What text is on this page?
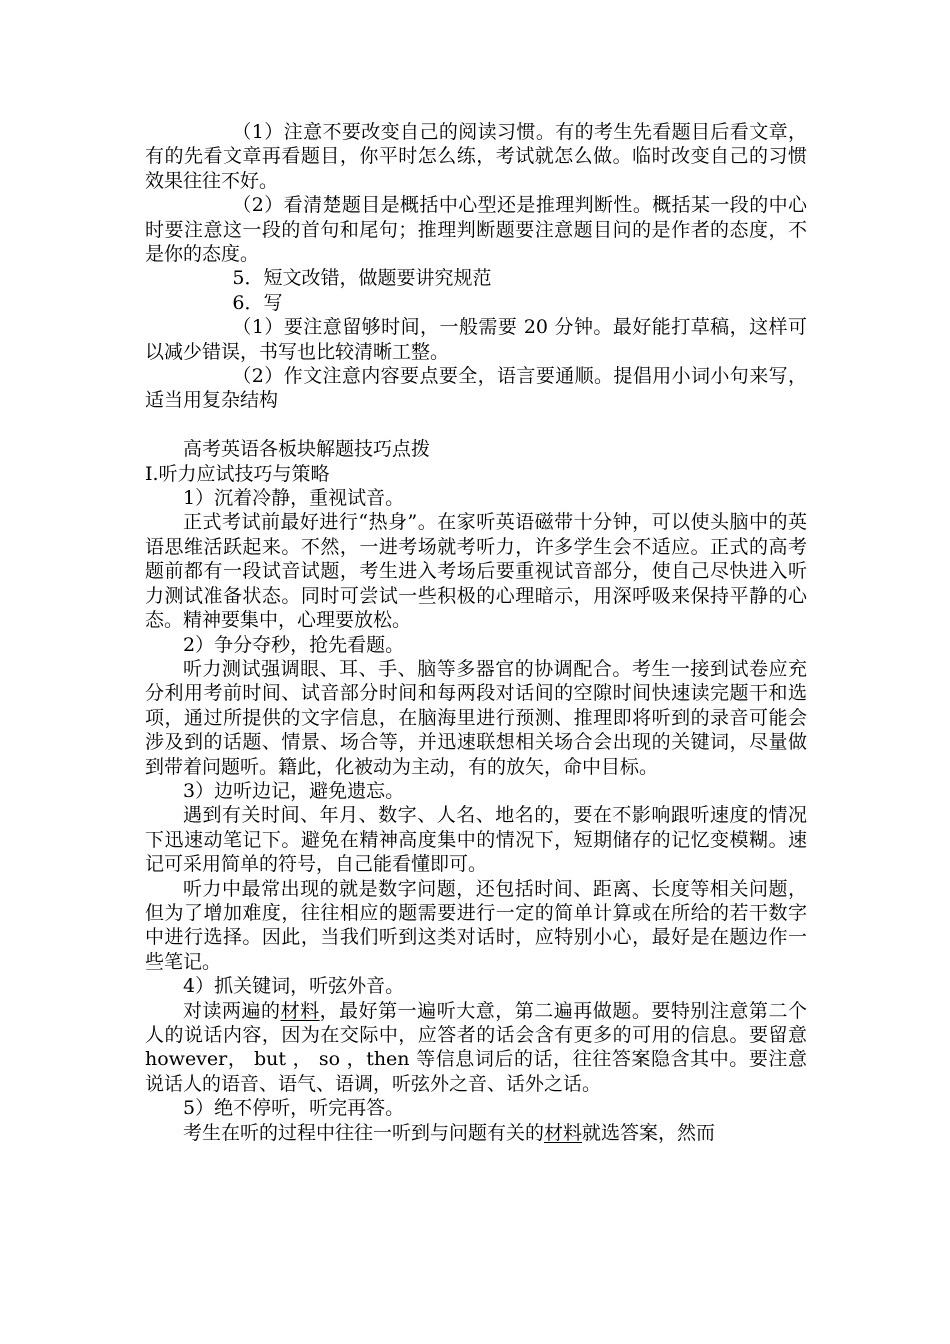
（1）注意不要改变自己的阅读习惯。有的考生先看题目后看文章，有的先看文章再看题目，你平时怎么练，考试就怎么做。临时改变自己的习惯效果往往不好。

（2）看清楚题目是概括中心型还是推理判断性。概括某一段的中心时要注意这一段的首句和尾句；推理判断题要注意题目问的是作者的态度，不是你的态度。

5．短文改错，做题要讲究规范

6．写

（1）要注意留够时间，一般需要 20 分钟。最好能打草稿，这样可以减少错误，书写也比较清晰工整。

（2）作文注意内容要点要全，语言要通顺。提倡用小词小句来写，适当用复杂结构

高考英语各板块解题技巧点拨

I.听力应试技巧与策略

1）沉着冷静，重视试音。

正式考试前最好进行“热身”。在家听英语磁带十分钟，可以使头脑中的英语思维活跃起来。不然，一进考场就考听力，许多学生会不适应。正式的高考题前都有一段试音试题，考生进入考场后要重视试音部分，使自己尽快进入听力测试准备状态。同时可尝试一些积极的心理暗示，用深呼吸来保持平静的心态。精神要集中，心理要放松。

2）争分夺秒，抢先看题。

听力测试强调眼、耳、手、脑等多器官的协调配合。考生一接到试卷应充分利用考前时间、试音部分时间和每两段对话间的空隙时间快速读完题干和选项，通过所提供的文字信息，在脑海里进行预测、推理即将听到的录音可能会涉及到的话题、情景、场合等，并迅速联想相关场合会出现的关键词，尽量做到带着问题听。籍此，化被动为主动，有的放矢，命中目标。

3）边听边记，避免遗忘。

遇到有关时间、年月、数字、人名、地名的，要在不影响跟听速度的情况下迅速动笔记下。避免在精神高度集中的情况下，短期储存的记忆变模糊。速记可采用简单的符号，自己能看懂即可。

听力中最常出现的就是数字问题，还包括时间、距离、长度等相关问题，但为了增加难度，往往相应的题需要进行一定的简单计算或在所给的若干数字中进行选择。因此，当我们听到这类对话时，应特别小心，最好是在题边作一些笔记。

4）抓关键词，听弦外音。

对读两遍的材料，最好第一遍听大意，第二遍再做题。要特别注意第二个人的说话内容，因为在交际中，应答者的话会含有更多的可用的信息。要留意 however， but ， so ，then 等信息词后的话，往往答案隐含其中。要注意说话人的语音、语气、语调，听弦外之音、话外之话。

5）绝不停听，听完再答。

考生在听的过程中往往一听到与问题有关的材料就选答案，然而
